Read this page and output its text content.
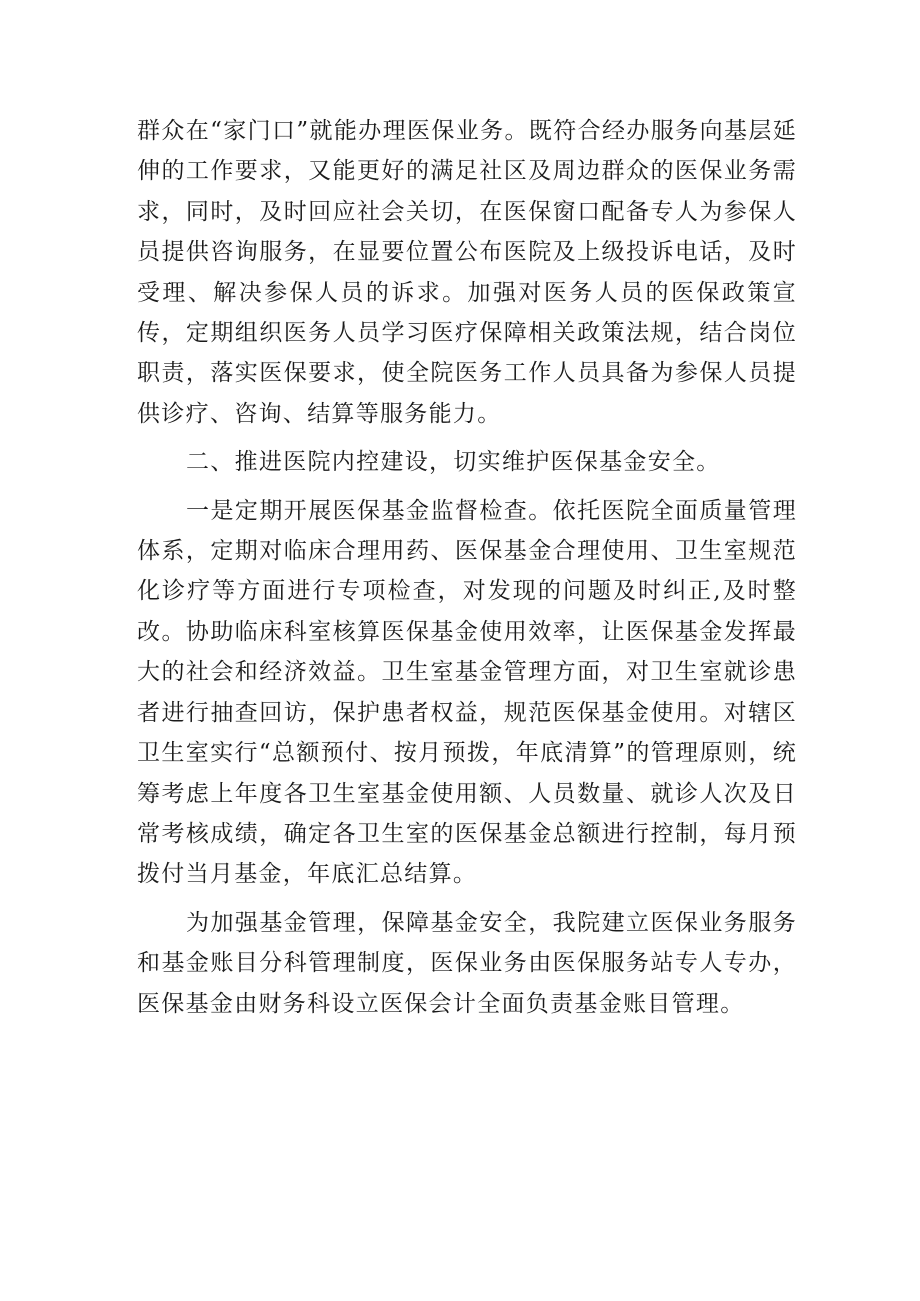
群众在“家门口”就能办理医保业务。既符合经办服务向基层延伸的工作要求，又能更好的满足社区及周边群众的医保业务需求，同时，及时回应社会关切，在医保窗口配备专人为参保人员提供咨询服务，在显要位置公布医院及上级投诉电话，及时受理、解决参保人员的诉求。加强对医务人员的医保政策宣传，定期组织医务人员学习医疗保障相关政策法规，结合岗位职责，落实医保要求，使全院医务工作人员具备为参保人员提供诊疗、咨询、结算等服务能力。

二、推进医院内控建设，切实维护医保基金安全。

一是定期开展医保基金监督检查。依托医院全面质量管理体系，定期对临床合理用药、医保基金合理使用、卫生室规范化诊疗等方面进行专项检查，对发现的问题及时纠正,及时整改。协助临床科室核算医保基金使用效率，让医保基金发挥最大的社会和经济效益。卫生室基金管理方面，对卫生室就诊患者进行抽查回访，保护患者权益，规范医保基金使用。对辖区卫生室实行“总额预付、按月预拨，年底清算”的管理原则，统筹考虑上年度各卫生室基金使用额、人员数量、就诊人次及日常考核成绩，确定各卫生室的医保基金总额进行控制，每月预拨付当月基金，年底汇总结算。

为加强基金管理，保障基金安全，我院建立医保业务服务和基金账目分科管理制度，医保业务由医保服务站专人专办，医保基金由财务科设立医保会计全面负责基金账目管理。
